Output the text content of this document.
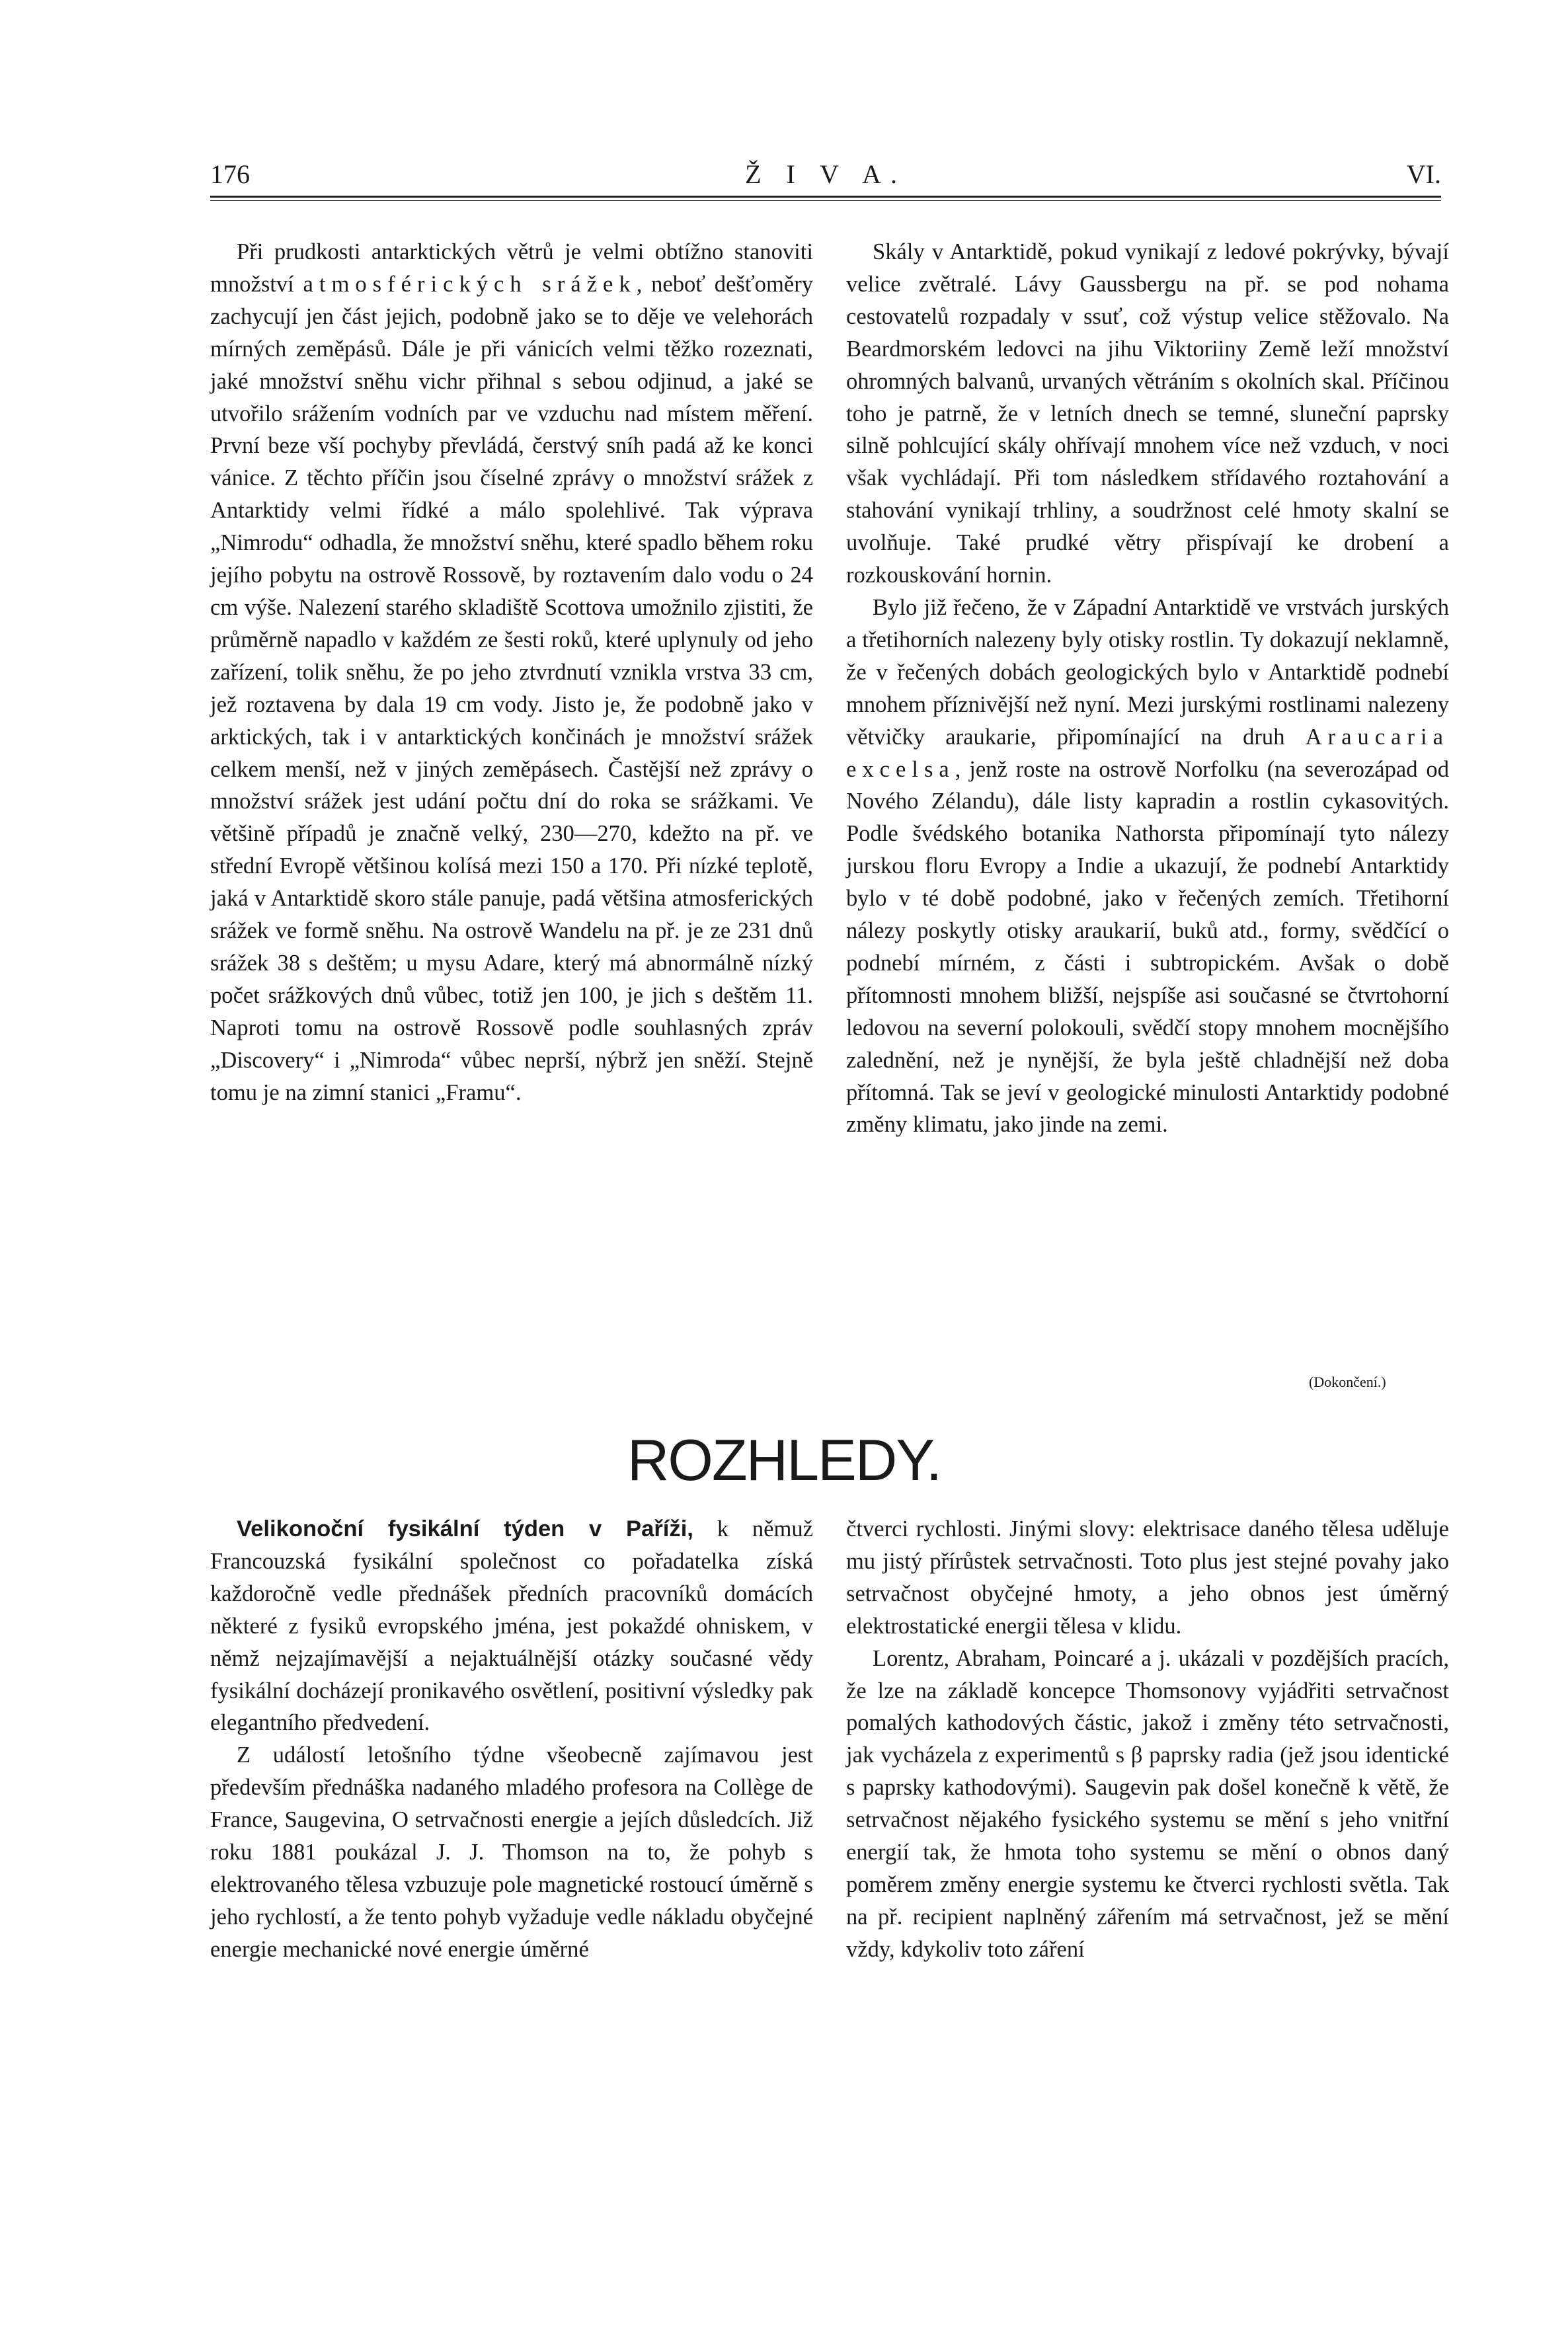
176	Ž I V A.	VI.

Při prudkosti antarktických větrů je velmi obtížno stanoviti množství atmosférických srážek, neboť dešťoměry zachycují jen část jejich, podobně jako se to děje ve velehorách mírných zeměpásů. Dále je při vánicích velmi těžko rozeznati, jaké množství sněhu vichr přihnal s sebou odjinud, a jaké se utvořilo srážením vodních par ve vzduchu nad místem měření. První beze vší pochyby převládá, čerstvý sníh padá až ke konci vánice. Z těchto příčin jsou číselné zprávy o množství srážek z Antarktidy velmi řídké a málo spolehlivé. Tak výprava „Nimrodu“ odhadla, že množství sněhu, které spadlo během roku jejího pobytu na ostrově Rossově, by roztavením dalo vodu o 24 cm výše. Nalezení starého skladiště Scottova umožnilo zjistiti, že průměrně napadlo v každém ze šesti roků, které uplynuly od jeho zařízení, tolik sněhu, že po jeho ztvrdnutí vznikla vrstva 33 cm, jež roztavena by dala 19 cm vody. Jisto je, že podobně jako v arktických, tak i v antarktických končinách je množství srážek celkem menší, než v jiných zeměpásech. Častější než zprávy o množství srážek jest udání počtu dní do roka se srážkami. Ve většině případů je značně velký, 230—270, kdežto na př. ve střední Evropě většinou kolísá mezi 150 a 170. Při nízké teplotě, jaká v Antarktidě skoro stále panuje, padá většina atmosferických srážek ve formě sněhu. Na ostrově Wandelu na př. je ze 231 dnů srážek 38 s deštěm; u mysu Adare, který má abnormálně nízký počet srážkových dnů vůbec, totiž jen 100, je jich s deštěm 11. Naproti tomu na ostrově Rossově podle souhlasných zpráv „Discovery“ i „Nimroda“ vůbec neprší, nýbrž jen sněží. Stejně tomu je na zimní stanici „Framu“.

Skály v Antarktidě, pokud vynikají z ledové pokrývky, bývají velice zvětralé. Lávy Gaussbergu na př. se pod nohama cestovatelů rozpadaly v ssuť, což výstup velice stěžovalo. Na Beardmorském ledovci na jihu Viktoriiny Země leží množství ohromných balvanů, urvaných větráním s okolních skal. Příčinou toho je patrně, že v letních dnech se temné, sluneční paprsky silně pohlcující skály ohřívají mnohem více než vzduch, v noci však vychládají. Při tom následkem střídavého roztahování a stahování vynikají trhliny, a soudržnost celé hmoty skalní se uvolňuje. Také prudké větry přispívají ke drobení a rozkouskování hornin.

Bylo již řečeno, že v Západní Antarktidě ve vrstvách jurských a třetihorních nalezeny byly otisky rostlin. Ty dokazují neklamně, že v řečených dobách geologických bylo v Antarktidě podnebí mnohem příznivější než nyní. Mezi jurskými rostlinami nalezeny větvičky araukarie, připomínající na druh Araucaria excelsa, jenž roste na ostrově Norfolku (na severozápad od Nového Zélandu), dále listy kapradin a rostlin cykasovitých. Podle švédského botanika Nathorsta připomínají tyto nálezy jurskou floru Evropy a Indie a ukazují, že podnebí Antarktidy bylo v té době podobné, jako v řečených zemích. Třetihorní nálezy poskytly otisky araukarií, buků atd., formy, svědčící o podnebí mírném, z části i subtropickém. Avšak o době přítomnosti mnohem bližší, nejspíše asi současné se čtvrtohorní ledovou na severní polokouli, svědčí stopy mnohem mocnějšího zalednění, než je nynější, že byla ještě chladnější než doba přítomná. Tak se jeví v geologické minulosti Antarktidy podobné změny klimatu, jako jinde na zemi.

(Dokončení.)
ROZHLEDY.

Velikonoční fysikální týden v Paříži, k němuž Francouzská fysikální společnost co pořadatelka získá každoročně vedle přednášek předních pracovníků domácích některé z fysiků evropského jména, jest pokaždé ohniskem, v němž nejzajímavější a nejaktuálnější otázky současné vědy fysikální docházejí pronikavého osvětlení, positivní výsledky pak elegantního předvedení.

Z událostí letošního týdne všeobecně zajímavou jest především přednáška nadaného mladého profesora na Collège de France, Saugevina, O setrvačnosti energie a jejích důsledcích. Již roku 1881 poukázal J. J. Thomson na to, že pohyb s elektrovaného tělesa vzbuzuje pole magnetické rostoucí úměrně s jeho rychlostí, a že tento pohyb vyžaduje vedle nákladu obyčejné energie mechanické nové energie úměrné

čtverci rychlosti. Jinými slovy: elektrisace daného tělesa uděluje mu jistý přírůstek setrvačnosti. Toto plus jest stejné povahy jako setrvačnost obyčejné hmoty, a jeho obnos jest úměrný elektrostatické energii tělesa v klidu.

Lorentz, Abraham, Poincaré a j. ukázali v pozdějších pracích, že lze na základě koncepce Thomsonovy vyjádřiti setrvačnost pomalých kathodových částic, jakož i změny této setrvačnosti, jak vycházela z experimentů s β paprsky radia (jež jsou identické s paprsky kathodovými). Saugevin pak došel konečně k větě, že setrvačnost nějakého fysického systemu se mění s jeho vnitřní energií tak, že hmota toho systemu se mění o obnos daný poměrem změny energie systemu ke čtverci rychlosti světla. Tak na př. recipient naplněný zářením má setrvačnost, jež se mění vždy, kdykoliv toto záření
